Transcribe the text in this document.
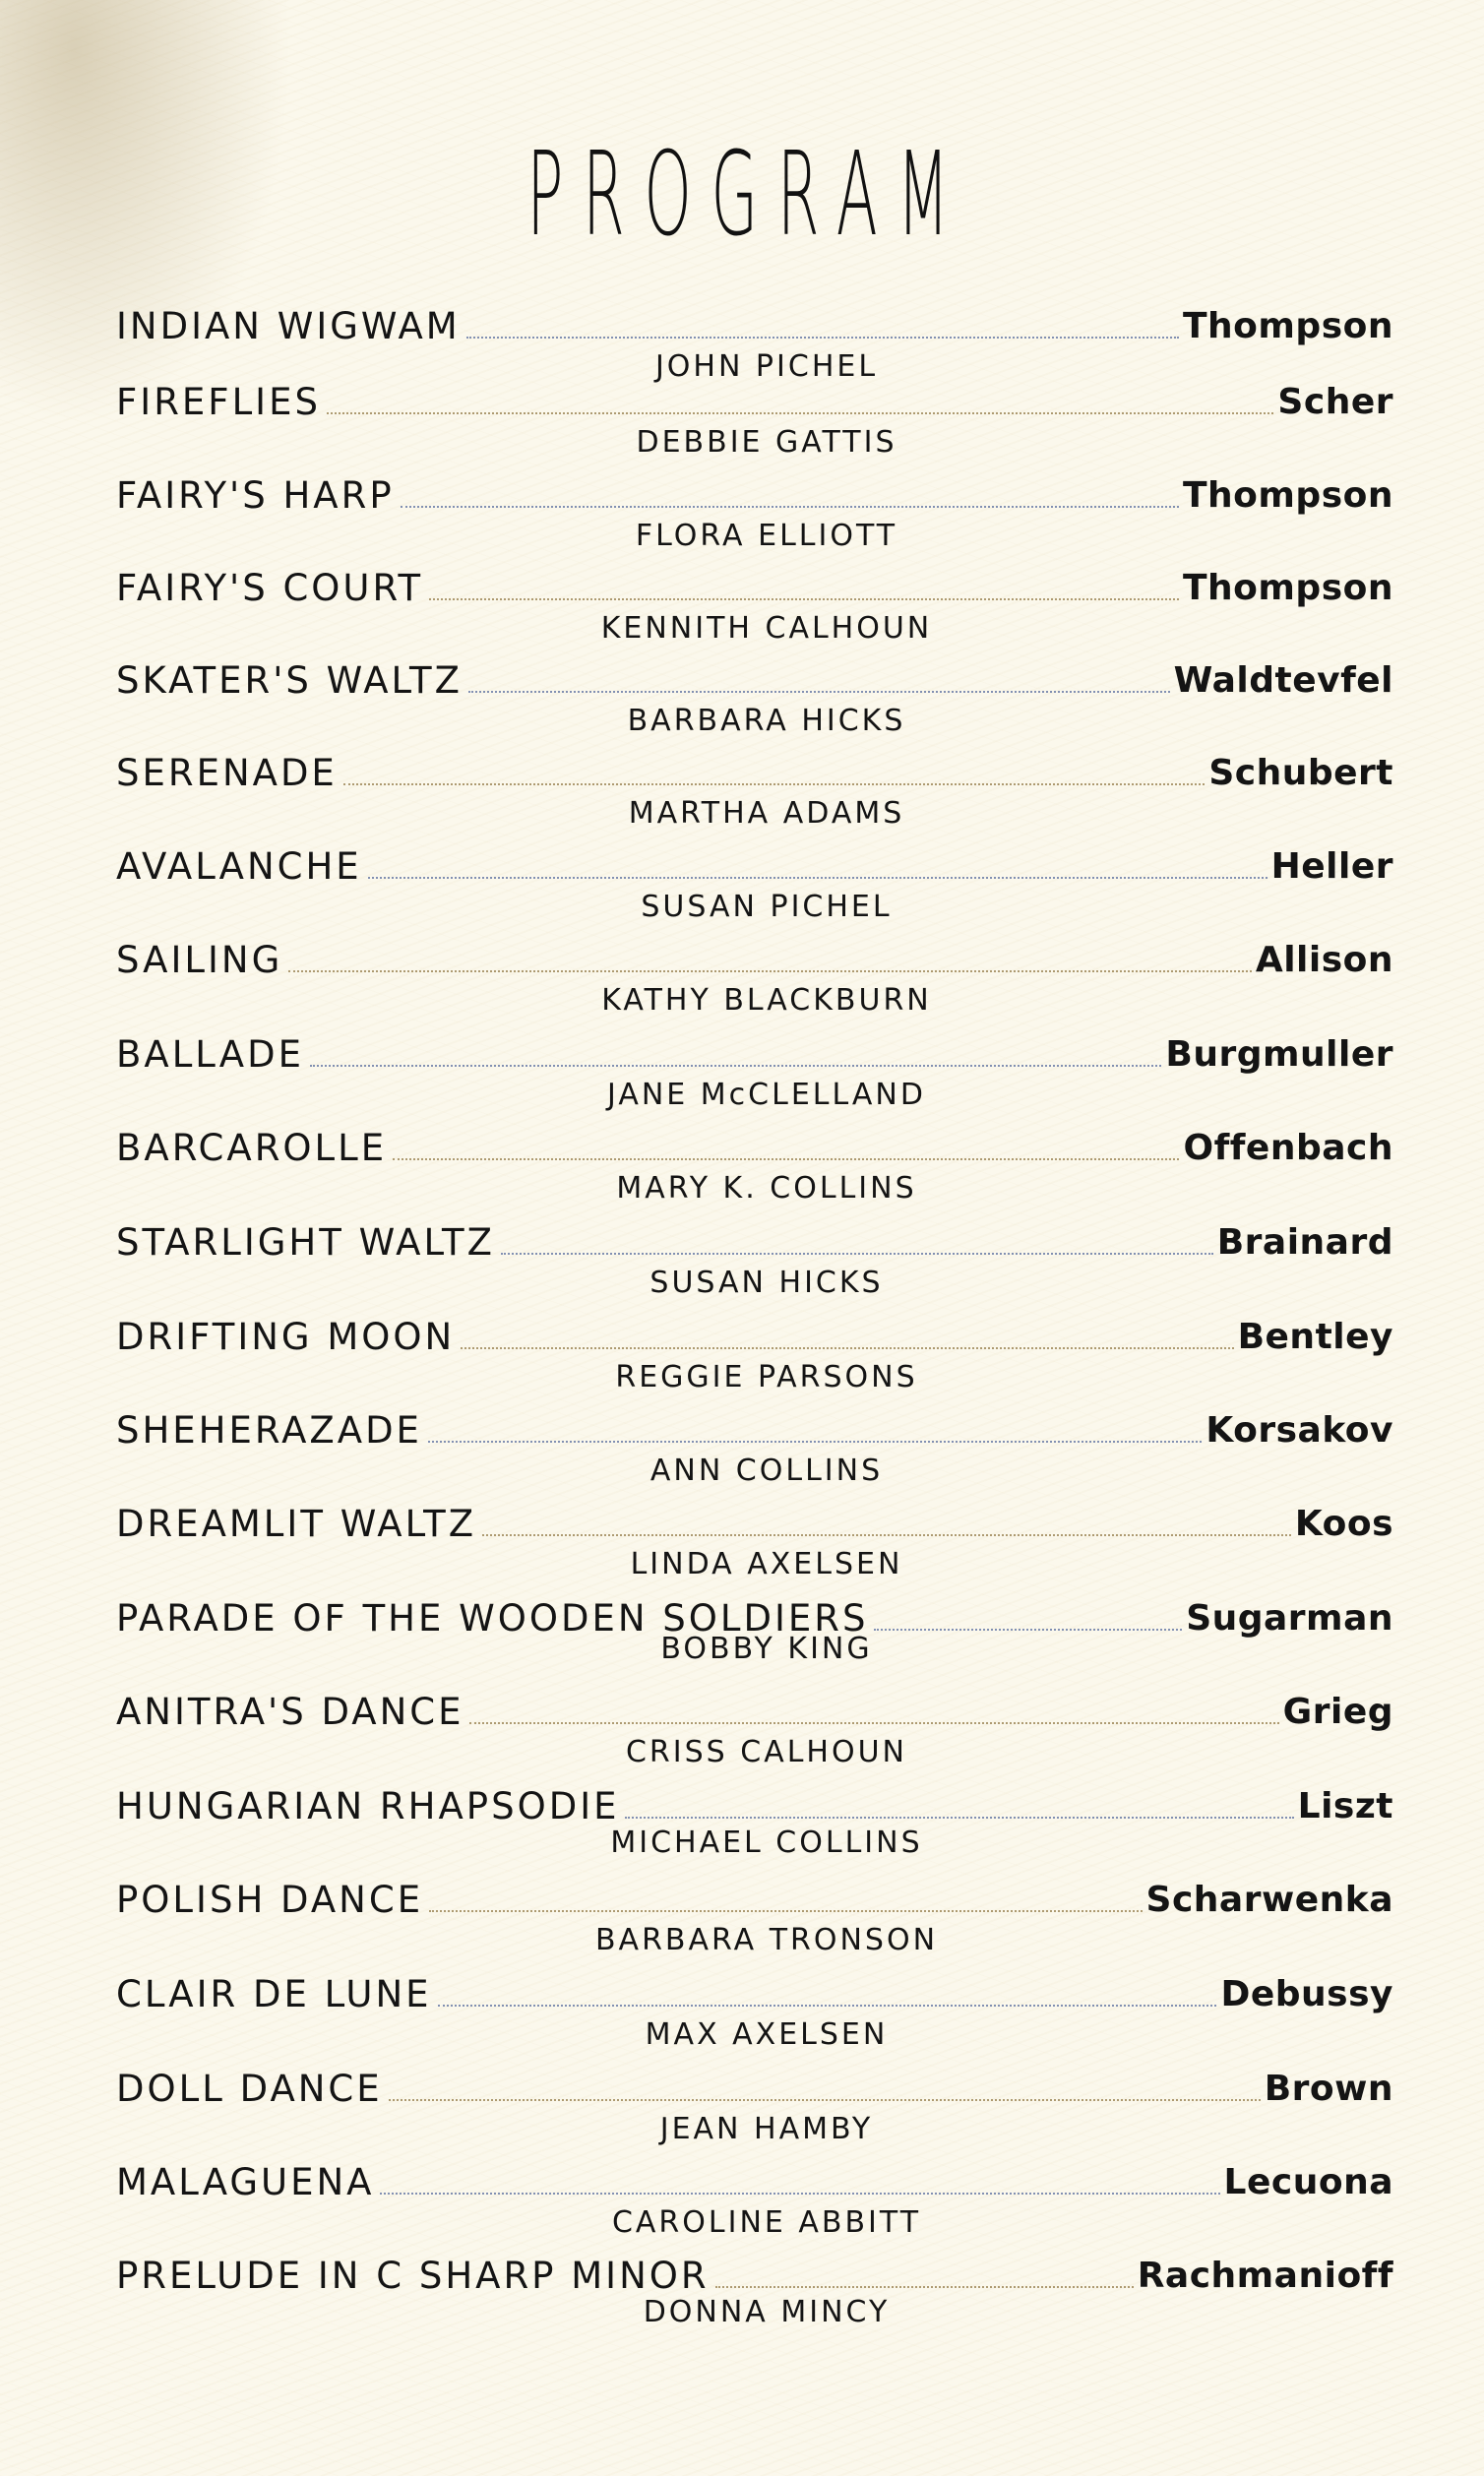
PROGRAM
INDIAN WIGWAM	Thompson
JOHN PICHEL
FIREFLIES	Scher
DEBBIE GATTIS
FAIRY'S HARP	Thompson
FLORA ELLIOTT
FAIRY'S COURT	Thompson
KENNITH CALHOUN
SKATER'S WALTZ	Waldtevfel
BARBARA HICKS
SERENADE	Schubert
MARTHA ADAMS
AVALANCHE	Heller
SUSAN PICHEL
SAILING	Allison
KATHY BLACKBURN
BALLADE	Burgmuller
JANE McCLELLAND
BARCAROLLE	Offenbach
MARY K. COLLINS
STARLIGHT WALTZ	Brainard
SUSAN HICKS
DRIFTING MOON	Bentley
REGGIE PARSONS
SHEHERAZADE	Korsakov
ANN COLLINS
DREAMLIT WALTZ	Koos
LINDA AXELSEN
PARADE OF THE WOODEN SOLDIERS	Sugarman
BOBBY KING
ANITRA'S DANCE	Grieg
CRISS CALHOUN
HUNGARIAN RHAPSODIE	Liszt
MICHAEL COLLINS
POLISH DANCE	Scharwenka
BARBARA TRONSON
CLAIR DE LUNE	Debussy
MAX AXELSEN
DOLL DANCE	Brown
JEAN HAMBY
MALAGUENA	Lecuona
CAROLINE ABBITT
PRELUDE IN C SHARP MINOR	Rachmanioff
DONNA MINCY
